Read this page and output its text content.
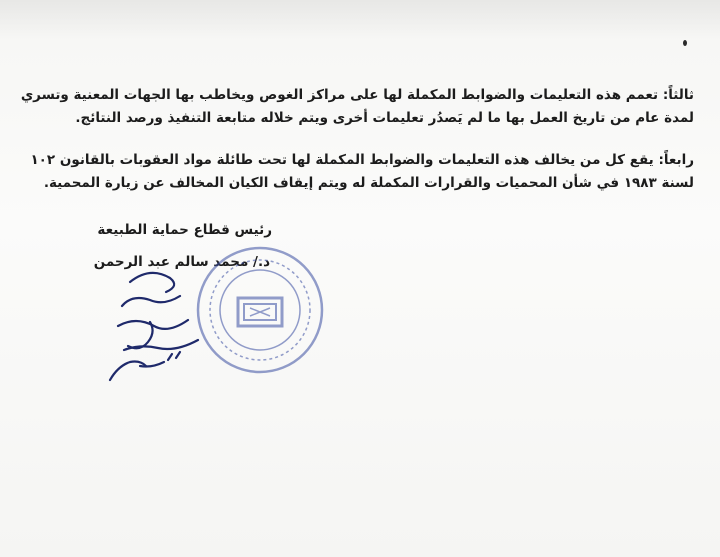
ثالثاً: تعمم هذه التعليمات والضوابط المكملة لها على مراكز الغوص ويخاطب بها الجهات المعنية وتسري
لمدة عام من تاريخ العمل بها ما لم يَصدُر تعليمات أخرى ويتم خلاله متابعة التنفيذ ورصد النتائج.
رابعاً: يقع كل من يخالف هذه التعليمات والضوابط المكملة لها تحت طائلة مواد العقوبات بالقانون ١٠٢
لسنة ١٩٨٣ في شأن المحميات والقرارات المكملة له ويتم إيقاف الكيان المخالف عن زيارة المحمية.
رئيس قطاع حماية الطبيعة
د./ محمد سالم عبد الرحمن
